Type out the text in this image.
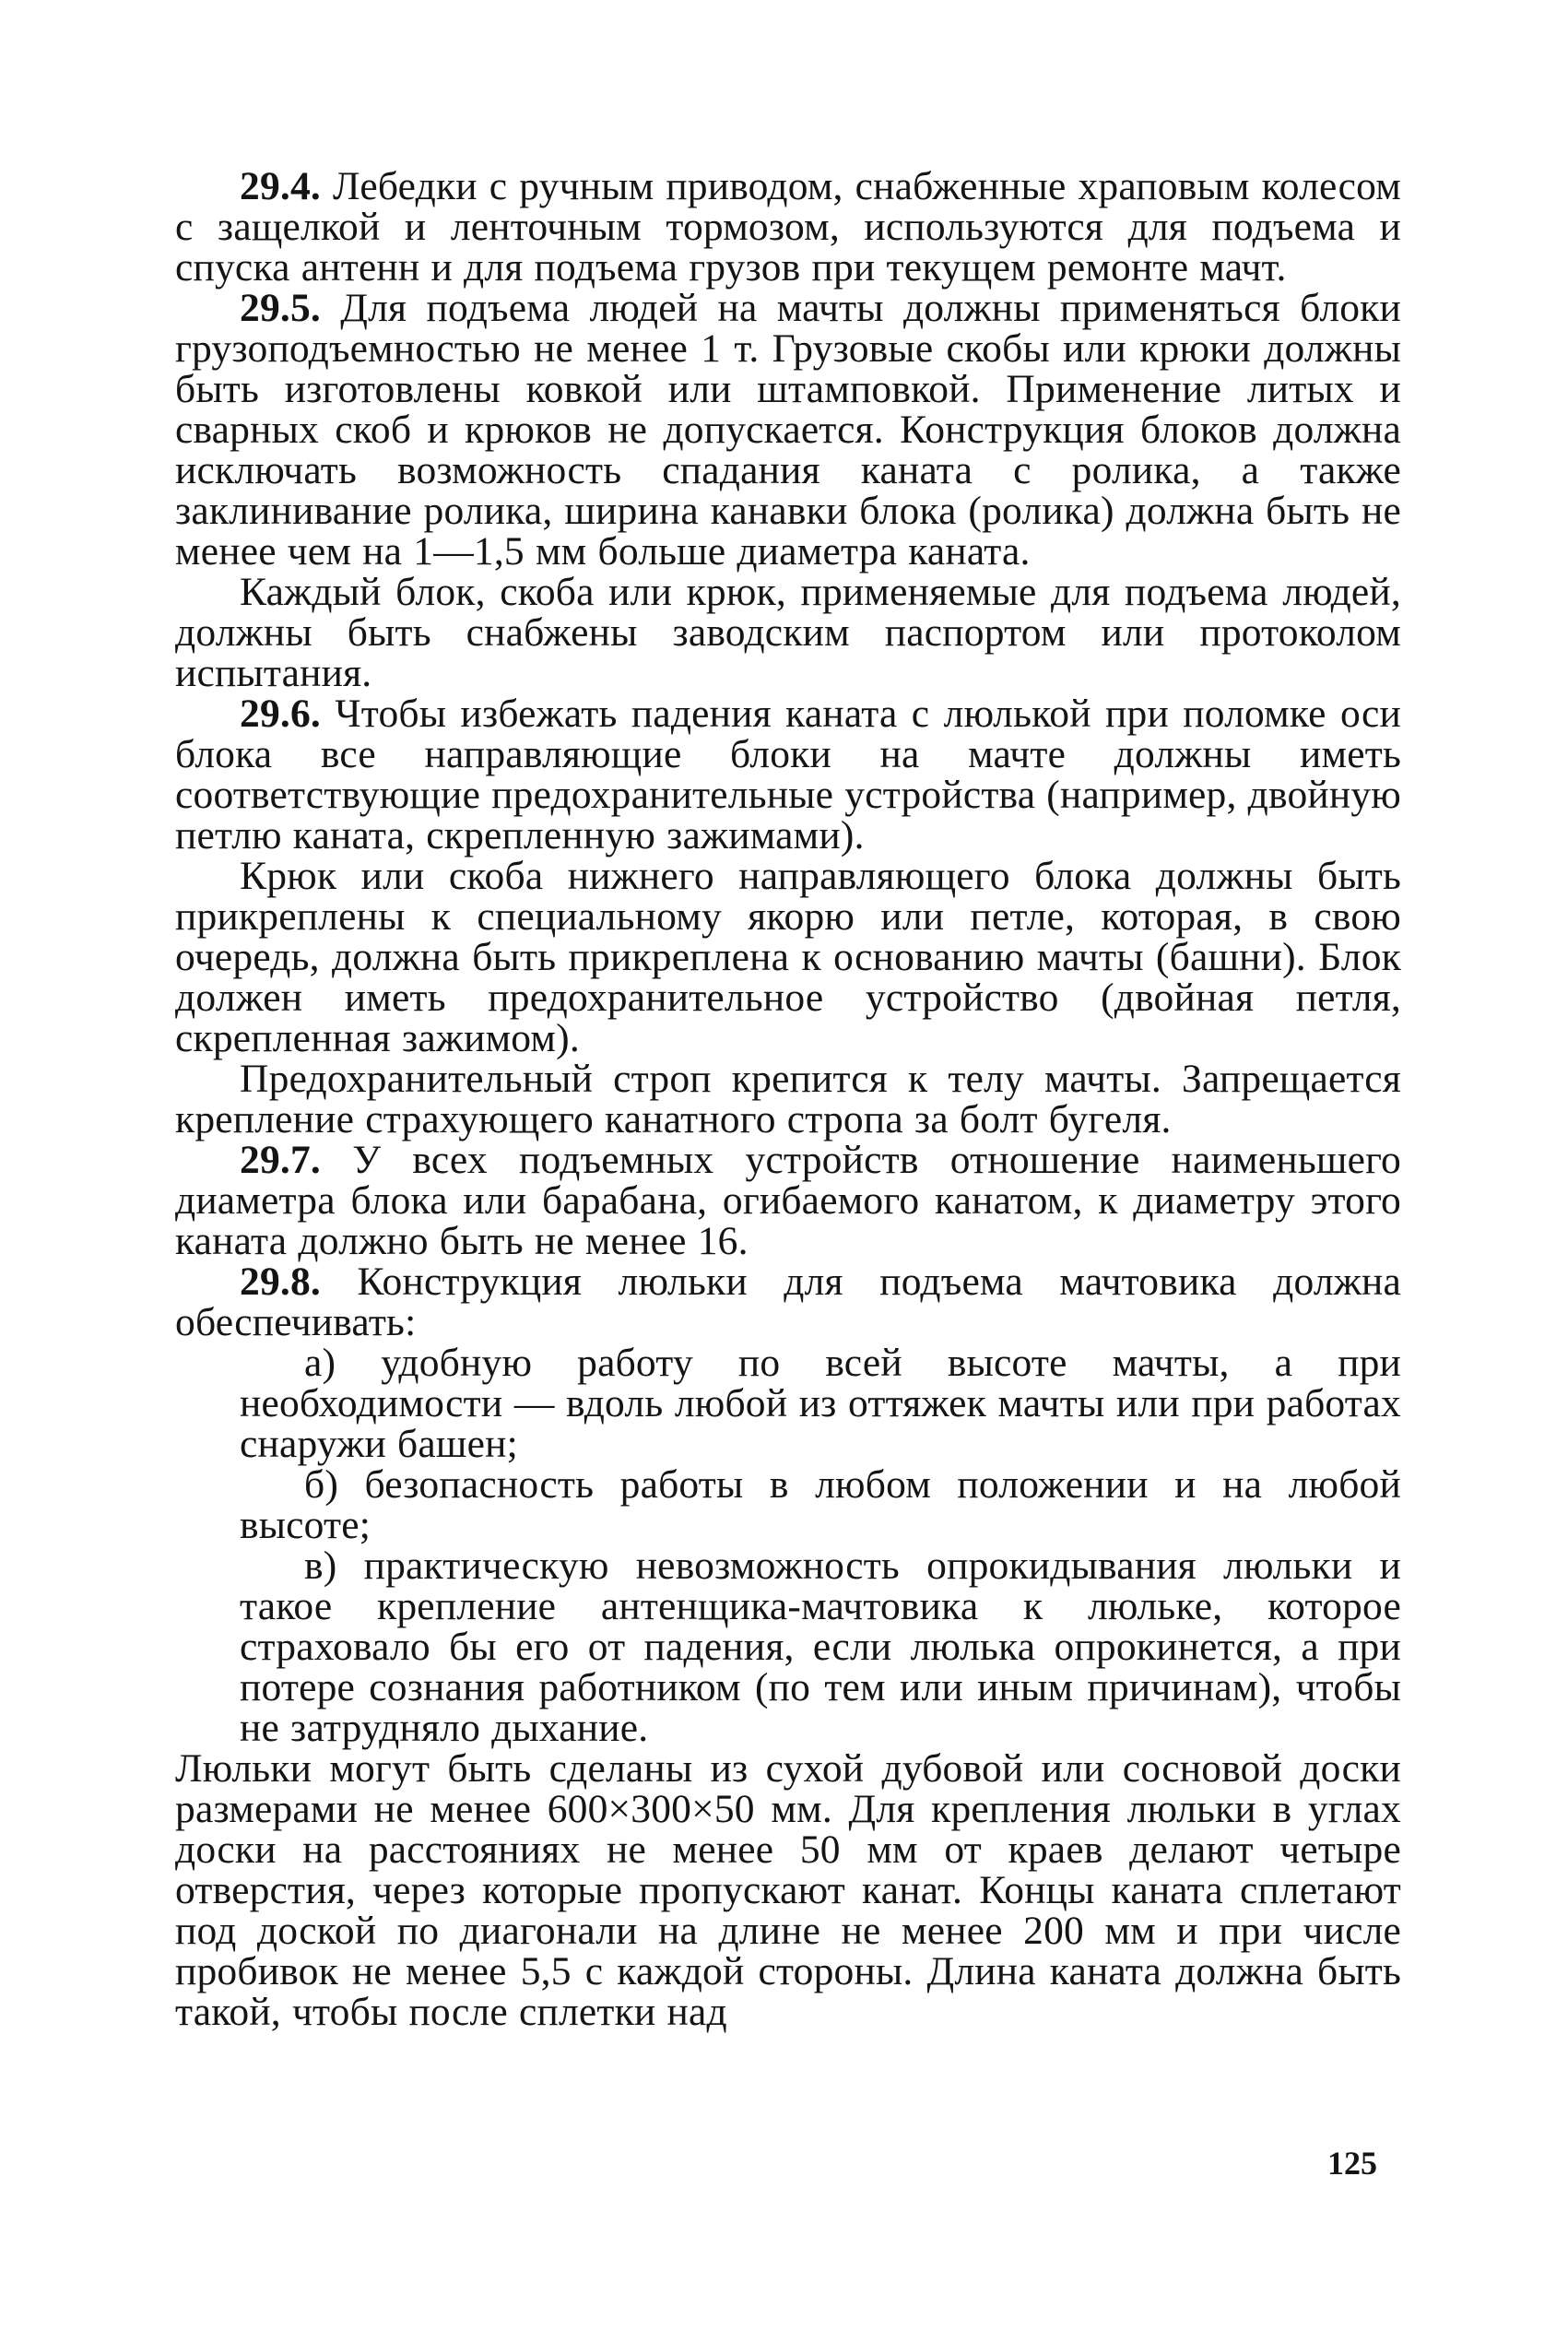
29.4. Лебедки с ручным приводом, снабженные храповым колесом с защелкой и ленточным тормозом, используются для подъема и спуска антенн и для подъема грузов при текущем ремонте мачт.

29.5. Для подъема людей на мачты должны применяться блоки грузоподъемностью не менее 1 т. Грузовые скобы или крюки должны быть изготовлены ковкой или штамповкой. Применение литых и сварных скоб и крюков не допускается. Конструкция блоков должна исключать возможность спадания каната с ролика, а также заклинивание ролика, ширина канавки блока (ролика) должна быть не менее чем на 1—1,5 мм больше диаметра каната.

Каждый блок, скоба или крюк, применяемые для подъема людей, должны быть снабжены заводским паспортом или протоколом испытания.

29.6. Чтобы избежать падения каната с люлькой при поломке оси блока все направляющие блоки на мачте должны иметь соответствующие предохранительные устройства (например, двойную петлю каната, скрепленную зажимами).

Крюк или скоба нижнего направляющего блока должны быть прикреплены к специальному якорю или петле, которая, в свою очередь, должна быть прикреплена к основанию мачты (башни). Блок должен иметь предохранительное устройство (двойная петля, скрепленная зажимом).

Предохранительный строп крепится к телу мачты. Запрещается крепление страхующего канатного стропа за болт бугеля.

29.7. У всех подъемных устройств отношение наименьшего диаметра блока или барабана, огибаемого канатом, к диаметру этого каната должно быть не менее 16.

29.8. Конструкция люльки для подъема мачтовика должна обеспечивать:

а) удобную работу по всей высоте мачты, а при необходимости — вдоль любой из оттяжек мачты или при работах снаружи башен;

б) безопасность работы в любом положении и на любой высоте;

в) практическую невозможность опрокидывания люльки и такое крепление антенщика-мачтовика к люльке, которое страховало бы его от падения, если люлька опрокинется, а при потере сознания работником (по тем или иным причинам), чтобы не затрудняло дыхание.

Люльки могут быть сделаны из сухой дубовой или сосновой доски размерами не менее 600×300×50 мм. Для крепления люльки в углах доски на расстояниях не менее 50 мм от краев делают четыре отверстия, через которые пропускают канат. Концы каната сплетают под доской по диагонали на длине не менее 200 мм и при числе пробивок не менее 5,5 с каждой стороны. Длина каната должна быть такой, чтобы после сплетки над

125
